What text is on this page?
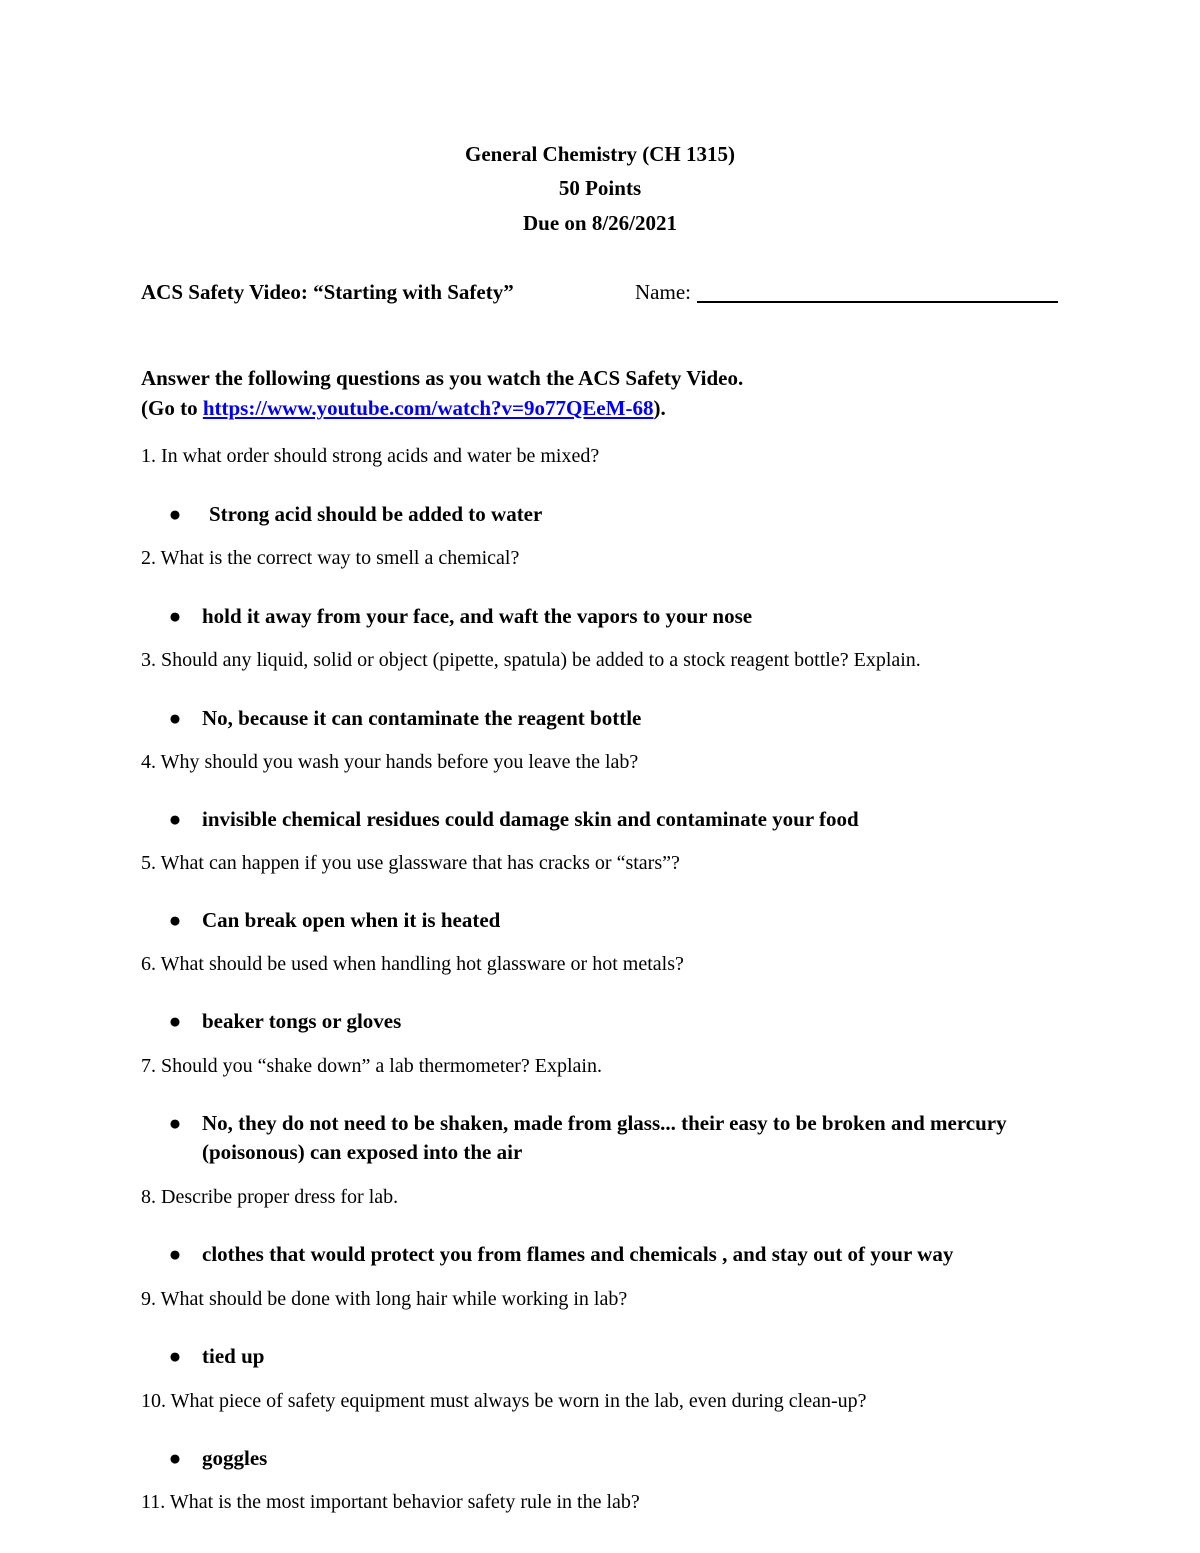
General Chemistry (CH 1315)

50 Points

Due on 8/26/2021

ACS Safety Video: “Starting with Safety”	Name:

Answer the following questions as you watch the ACS Safety Video.

(Go to https://www.youtube.com/watch?v=9o77QEeM-68).

1. In what order should strong acids and water be mixed?

●	Strong acid should be added to water

2. What is the correct way to smell a chemical?

● hold it away from your face, and waft the vapors to your nose

3. Should any liquid, solid or object (pipette, spatula) be added to a stock reagent bottle? Explain.

● No, because it can contaminate the reagent bottle

4. Why should you wash your hands before you leave the lab?

● invisible chemical residues could damage skin and contaminate your food

5. What can happen if you use glassware that has cracks or “stars”?

● Can break open when it is heated

6. What should be used when handling hot glassware or hot metals?

● beaker tongs or gloves

7. Should you “shake down” a lab thermometer? Explain.

● No, they do not need to be shaken, made from glass... their easy to be broken and mercury (poisonous) can exposed into the air

8. Describe proper dress for lab.

● clothes that would protect you from flames and chemicals , and stay out of your way

9. What should be done with long hair while working in lab?

● tied up

10. What piece of safety equipment must always be worn in the lab, even during clean-up?

● goggles

11. What is the most important behavior safety rule in the lab?
